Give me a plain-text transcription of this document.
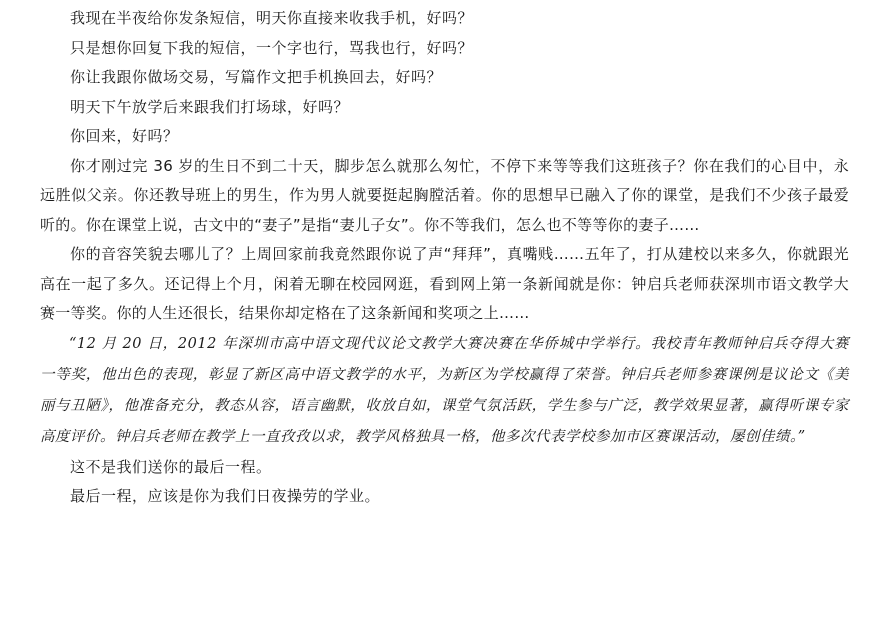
我现在半夜给你发条短信，明天你直接来收我手机，好吗？

只是想你回复下我的短信，一个字也行，骂我也行，好吗？

你让我跟你做场交易，写篇作文把手机换回去，好吗？

明天下午放学后来跟我们打场球，好吗？

你回来，好吗？

你才刚过完 36 岁的生日不到二十天，脚步怎么就那么匆忙，不停下来等等我们这班孩子？你在我们的心目中，永远胜似父亲。你还教导班上的男生，作为男人就要挺起胸膛活着。你的思想早已融入了你的课堂，是我们不少孩子最爱听的。你在课堂上说，古文中的“妻子”是指“妻儿子女”。你不等我们，怎么也不等等你的妻子……

你的音容笑貌去哪儿了？上周回家前我竟然跟你说了声“拜拜”，真嘴贱……五年了，打从建校以来多久，你就跟光高在一起了多久。还记得上个月，闲着无聊在校园网逛，看到网上第一条新闻就是你：钟启兵老师获深圳市语文教学大赛一等奖。你的人生还很长，结果你却定格在了这条新闻和奖项之上……

“12 月 20 日，2012 年深圳市高中语文现代议论文教学大赛决赛在华侨城中学举行。我校青年教师钟启兵夺得大赛一等奖，他出色的表现，彰显了新区高中语文教学的水平，为新区为学校赢得了荣誉。钟启兵老师参赛课例是议论文《美丽与丑陋》，他准备充分，教态从容，语言幽默，收放自如，课堂气氛活跃，学生参与广泛，教学效果显著，赢得听课专家高度评价。钟启兵老师在教学上一直孜孜以求，教学风格独具一格，他多次代表学校参加市区赛课活动，屡创佳绩。”

这不是我们送你的最后一程。

最后一程，应该是你为我们日夜操劳的学业。
